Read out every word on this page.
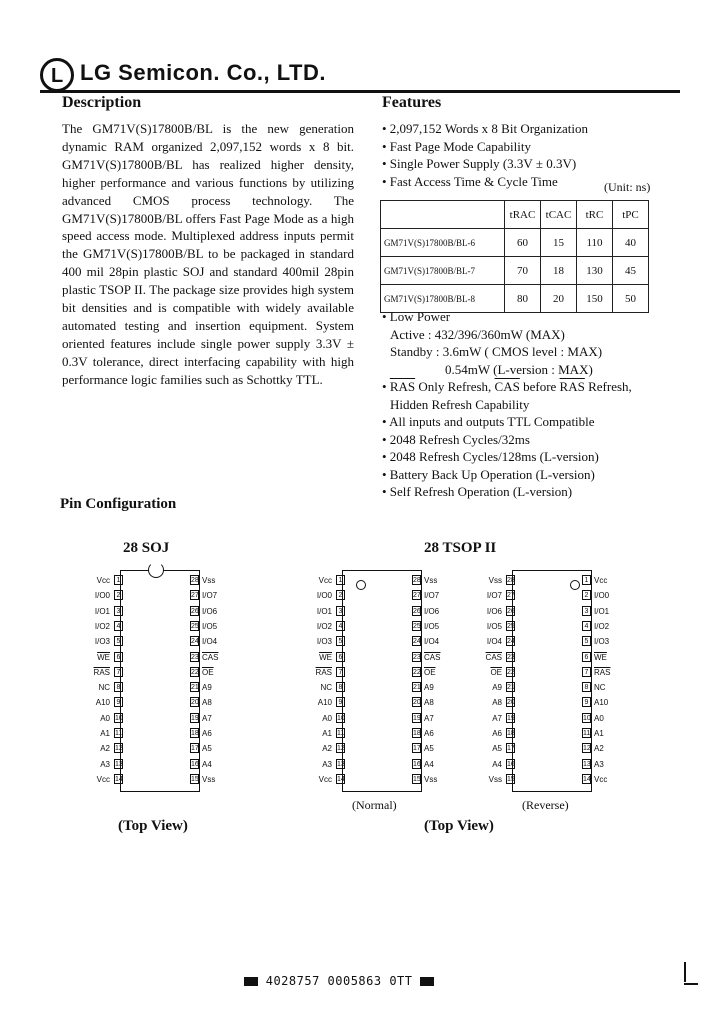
L LG Semicon. Co., LTD.
Description
The GM71V(S)17800B/BL is the new generation dynamic RAM organized 2,097,152 words x 8 bit. GM71V(S)17800B/BL has realized higher density, higher performance and various functions by utilizing advanced CMOS process technology. The GM71V(S)17800B/BL offers Fast Page Mode as a high speed access mode. Multiplexed address inputs permit the GM71V(S)17800B/BL to be packaged in standard 400 mil 28pin plastic SOJ and standard 400mil 28pin plastic TSOP II. The package size provides high system bit densities and is compatible with widely available automated testing and insertion equipment. System oriented features include single power supply 3.3V ± 0.3V tolerance, direct interfacing capability with high performance logic families such as Schottky TTL.
Features
• 2,097,152 Words x 8 Bit Organization
• Fast Page Mode Capability
• Single Power Supply (3.3V ± 0.3V)
• Fast Access Time & Cycle Time	(Unit: ns)
	tRAC	tCAC	tRC	tPC
GM71V(S)17800B/BL-6	60	15	110	40
GM71V(S)17800B/BL-7	70	18	130	45
GM71V(S)17800B/BL-8	80	20	150	50
• Low Power
Active : 432/396/360mW (MAX)
Standby : 3.6mW ( CMOS level : MAX)
0.54mW (L-version : MAX)
• $\overline{RAS}$ Only Refresh, $\overline{CAS}$ before $\overline{RAS}$ Refresh,
Hidden Refresh Capability
• All inputs and outputs TTL Compatible
• 2048 Refresh Cycles/32ms
• 2048 Refresh Cycles/128ms (L-version)
• Battery Back Up Operation (L-version)
• Self Refresh Operation (L-version)
Pin Configuration
28 SOJ	28 TSOP II
Vcc 1	28 Vss
I/O0 2	27 I/O7
I/O1 3	26 I/O6
I/O2 4	25 I/O5
I/O3 5	24 I/O4
$\overline{WE}$ 6	23 $\overline{CAS}$
$\overline{RAS}$ 7	22 $\overline{OE}$
NC 8	21 A9
A10 9	20 A8
A0 10	19 A7
A1 11	18 A6
A2 12	17 A5
A3 13	16 A4
Vcc 14	15 Vss
Vcc 1	28 Vss
I/O0 2	27 I/O7
I/O1 3	26 I/O6
I/O2 4	25 I/O5
I/O3 5	24 I/O4
$\overline{WE}$ 6	23 $\overline{CAS}$
$\overline{RAS}$ 7	22 $\overline{OE}$
NC 8	21 A9
A10 9	20 A8
A0 10	19 A7
A1 11	18 A6
A2 12	17 A5
A3 13	16 A4
Vcc 14	15 Vss
Vss 28	1 Vcc
I/O7 27	2 I/O0
I/O6 26	3 I/O1
I/O5 25	4 I/O2
I/O4 24	5 I/O3
$\overline{CAS}$ 23	6 $\overline{WE}$
$\overline{OE}$ 22	7 $\overline{RAS}$
A9 21	8 NC
A8 20	9 A10
A7 19	10 A0
A6 18	11 A1
A5 17	12 A2
A4 16	13 A3
Vss 15	14 Vcc
(Normal)	(Reverse)
(Top View)	(Top View)
4028757 0005863 0TT
